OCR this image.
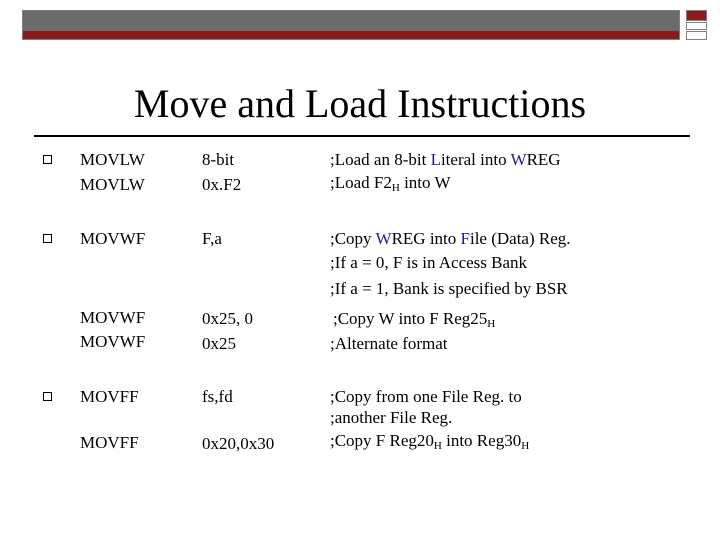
Move and Load Instructions
MOVLW	8-bit	;Load an 8-bit Literal into WREG
MOVLW	0x.F2	;Load $F2_H$ into W
MOVWF	F,a	;Copy WREG into File (Data) Reg.
;If a = 0, F is in Access Bank
;If a = 1, Bank is specified by BSR
MOVWF	0x25, 0	;Copy W into F $Reg25_H$
MOVWF	0x25	;Alternate format
MOVFF	fs,fd	;Copy from one File Reg. to
;another File Reg.
MOVFF	0x20,0x30	;Copy F $Reg20_H$ into $Reg30_H$
